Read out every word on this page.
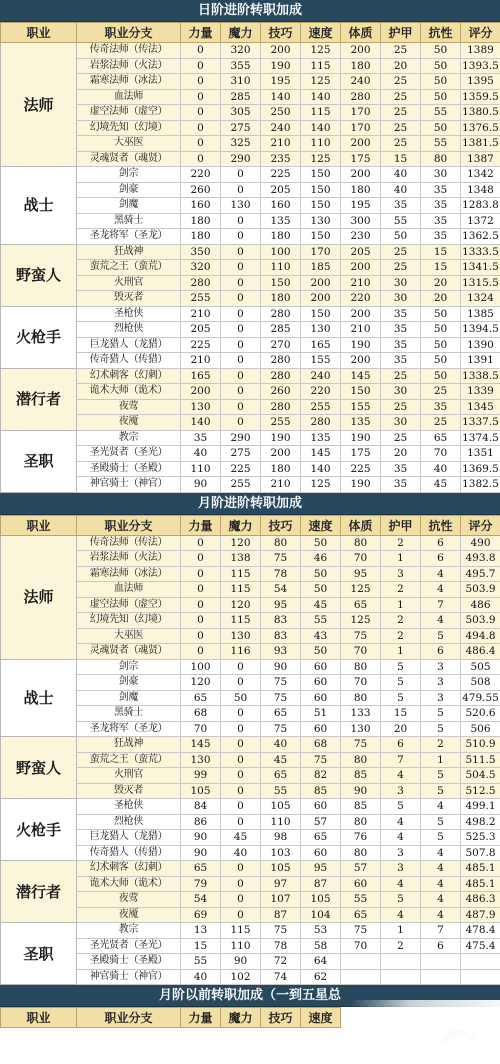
日阶进阶转职加成
职业	职业分支	力量	魔力	技巧	速度	体质	护甲	抗性	评分
法师	传奇法师（传法）	0	320	200	125	200	25	50	1389
	岩浆法师（火法）	0	355	190	115	180	20	50	1393.5
	霜寒法师（冰法）	0	310	195	125	240	25	50	1395
	血法师	0	285	140	140	280	25	50	1359.5
	虚空法师（虚空）	0	305	250	115	170	25	55	1380.5
	幻境先知（幻境）	0	275	240	140	170	25	50	1376.5
	大巫医	0	325	210	110	200	25	55	1381.5
	灵魂贤者（魂贤）	0	290	235	125	175	15	80	1387
战士	剑宗	220	0	225	150	200	40	30	1342
	剑豪	260	0	205	150	180	40	35	1348
	剑魔	160	130	160	150	195	35	35	1283.8
	黑骑士	180	0	135	130	300	55	35	1372
	圣龙将军（圣龙）	180	0	180	150	230	50	35	1362.5
野蛮人	狂战神	350	0	100	170	205	25	15	1333.5
	蛮荒之王（蛮荒）	320	0	110	185	200	25	15	1341.5
	火刑官	280	0	150	200	210	30	20	1315.5
	毁灭者	255	0	180	200	220	30	20	1324
火枪手	圣枪侠	210	0	280	150	200	35	50	1385
	烈枪侠	205	0	285	130	210	35	50	1394.5
	巨龙猎人（龙猎）	225	0	270	165	190	35	50	1390
	传奇猎人（传猎）	210	0	280	155	200	35	50	1391
潜行者	幻术刺客（幻刺）	165	0	280	240	145	25	50	1338.5
	诡术大师（诡术）	200	0	260	220	150	30	25	1339
	夜莺	130	0	280	255	155	25	35	1345
	夜魇	140	0	255	280	135	30	25	1337.5
圣职	教宗	35	290	190	135	190	25	65	1374.5
	圣光贤者（圣光）	40	275	200	145	175	20	70	1351
	圣殿骑士（圣殿）	110	225	180	140	225	35	40	1369.5
	神官骑士（神官）	90	255	210	125	190	35	45	1382.5
月阶进阶转职加成
职业	职业分支	力量	魔力	技巧	速度	体质	护甲	抗性	评分
法师	传奇法师（传法）	0	120	80	50	80	2	6	490
	岩浆法师（火法）	0	138	75	46	70	1	6	493.8
	霜寒法师（冰法）	0	115	78	50	95	3	4	495.7
	血法师	0	115	54	50	125	2	4	503.9
	虚空法师（虚空）	0	120	95	45	65	1	7	486
	幻境先知（幻境）	0	115	83	55	125	2	4	503.9
	大巫医	0	130	83	43	75	2	5	494.8
	灵魂贤者（魂贤）	0	116	93	50	70	1	6	486.4
战士	剑宗	100	0	90	60	80	5	3	505
	剑豪	120	0	75	60	70	5	3	508
	剑魔	65	50	75	60	80	5	3	479.55
	黑骑士	68	0	65	51	133	15	5	520.6
	圣龙将军（圣龙）	70	0	75	60	130	20	5	506
野蛮人	狂战神	145	0	40	68	75	6	2	510.9
	蛮荒之王（蛮荒）	130	0	45	75	80	7	1	511.5
	火刑官	99	0	65	82	85	4	5	504.5
	毁灭者	105	0	55	85	90	3	5	512.5
火枪手	圣枪侠	84	0	105	60	85	5	4	499.1
	烈枪侠	86	0	110	57	80	4	5	498.2
	巨龙猎人（龙猎）	90	45	98	65	76	4	5	525.3
	传奇猎人（传猎）	90	40	103	60	80	3	4	507.8
潜行者	幻术刺客（幻刺）	65	0	105	95	57	3	4	485.1
	诡术大师（诡术）	79	0	97	87	60	4	4	485.1
	夜莺	54	0	107	105	55	5	4	486.3
	夜魇	69	0	87	104	65	4	4	487.9
圣职	教宗	13	115	75	53	75	1	7	478.4
	圣光贤者（圣光）	15	110	78	58	70	2	6	475.4
	圣殿骑士（圣殿）	55	90	72	64				
	神官骑士（神官）	40	102	74	62				
月阶以前转职加成（一到五星总
职业	职业分支	力量	魔力	技巧	速度
